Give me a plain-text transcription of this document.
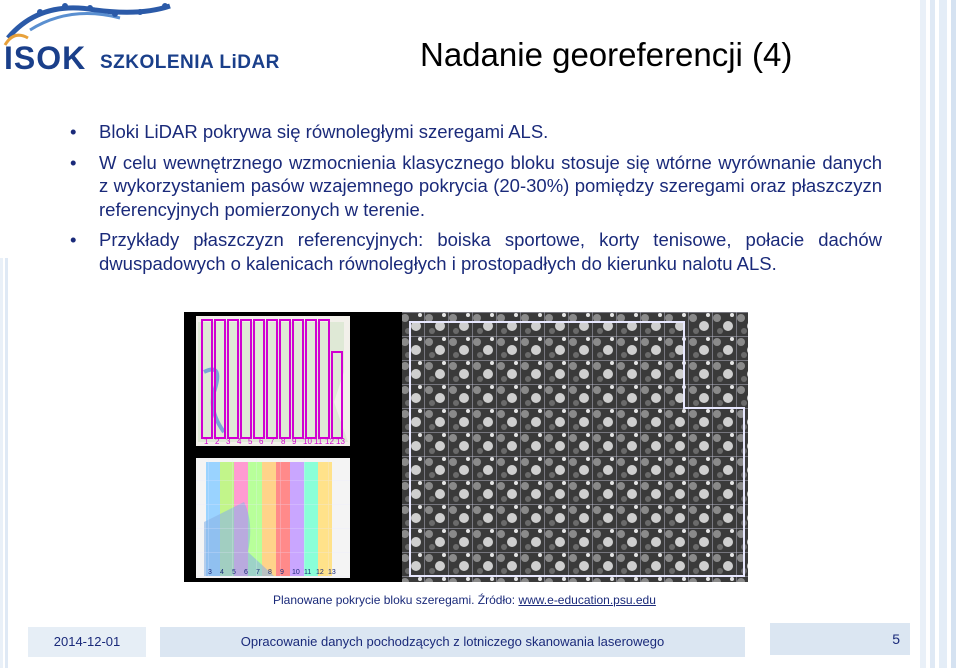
ISOK SZKOLENIA LiDAR	Nadanie georeferencji (4)
• Bloki LiDAR pokrywa się równoległymi szeregami ALS.
• W celu wewnętrznego wzmocnienia klasycznego bloku stosuje się wtórne wyrównanie danych z wykorzystaniem pasów wzajemnego pokrycia (20-30%) pomiędzy szeregami oraz płaszczyzn referencyjnych pomierzonych w terenie.
• Przykłady płaszczyzn referencyjnych: boiska sportowe, korty tenisowe, połacie dachów dwuspadowych o kalenicach równoległych i prostopadłych do kierunku nalotu ALS.
1 2 3 4 5 6 7 8 9 10 11 12 13
3 4 5 6 7 8 9 10 11 12 13
Planowane pokrycie bloku szeregami. Źródło: www.e-education.psu.edu
2014-12-01	Opracowanie danych pochodzących z lotniczego skanowania laserowego	5
